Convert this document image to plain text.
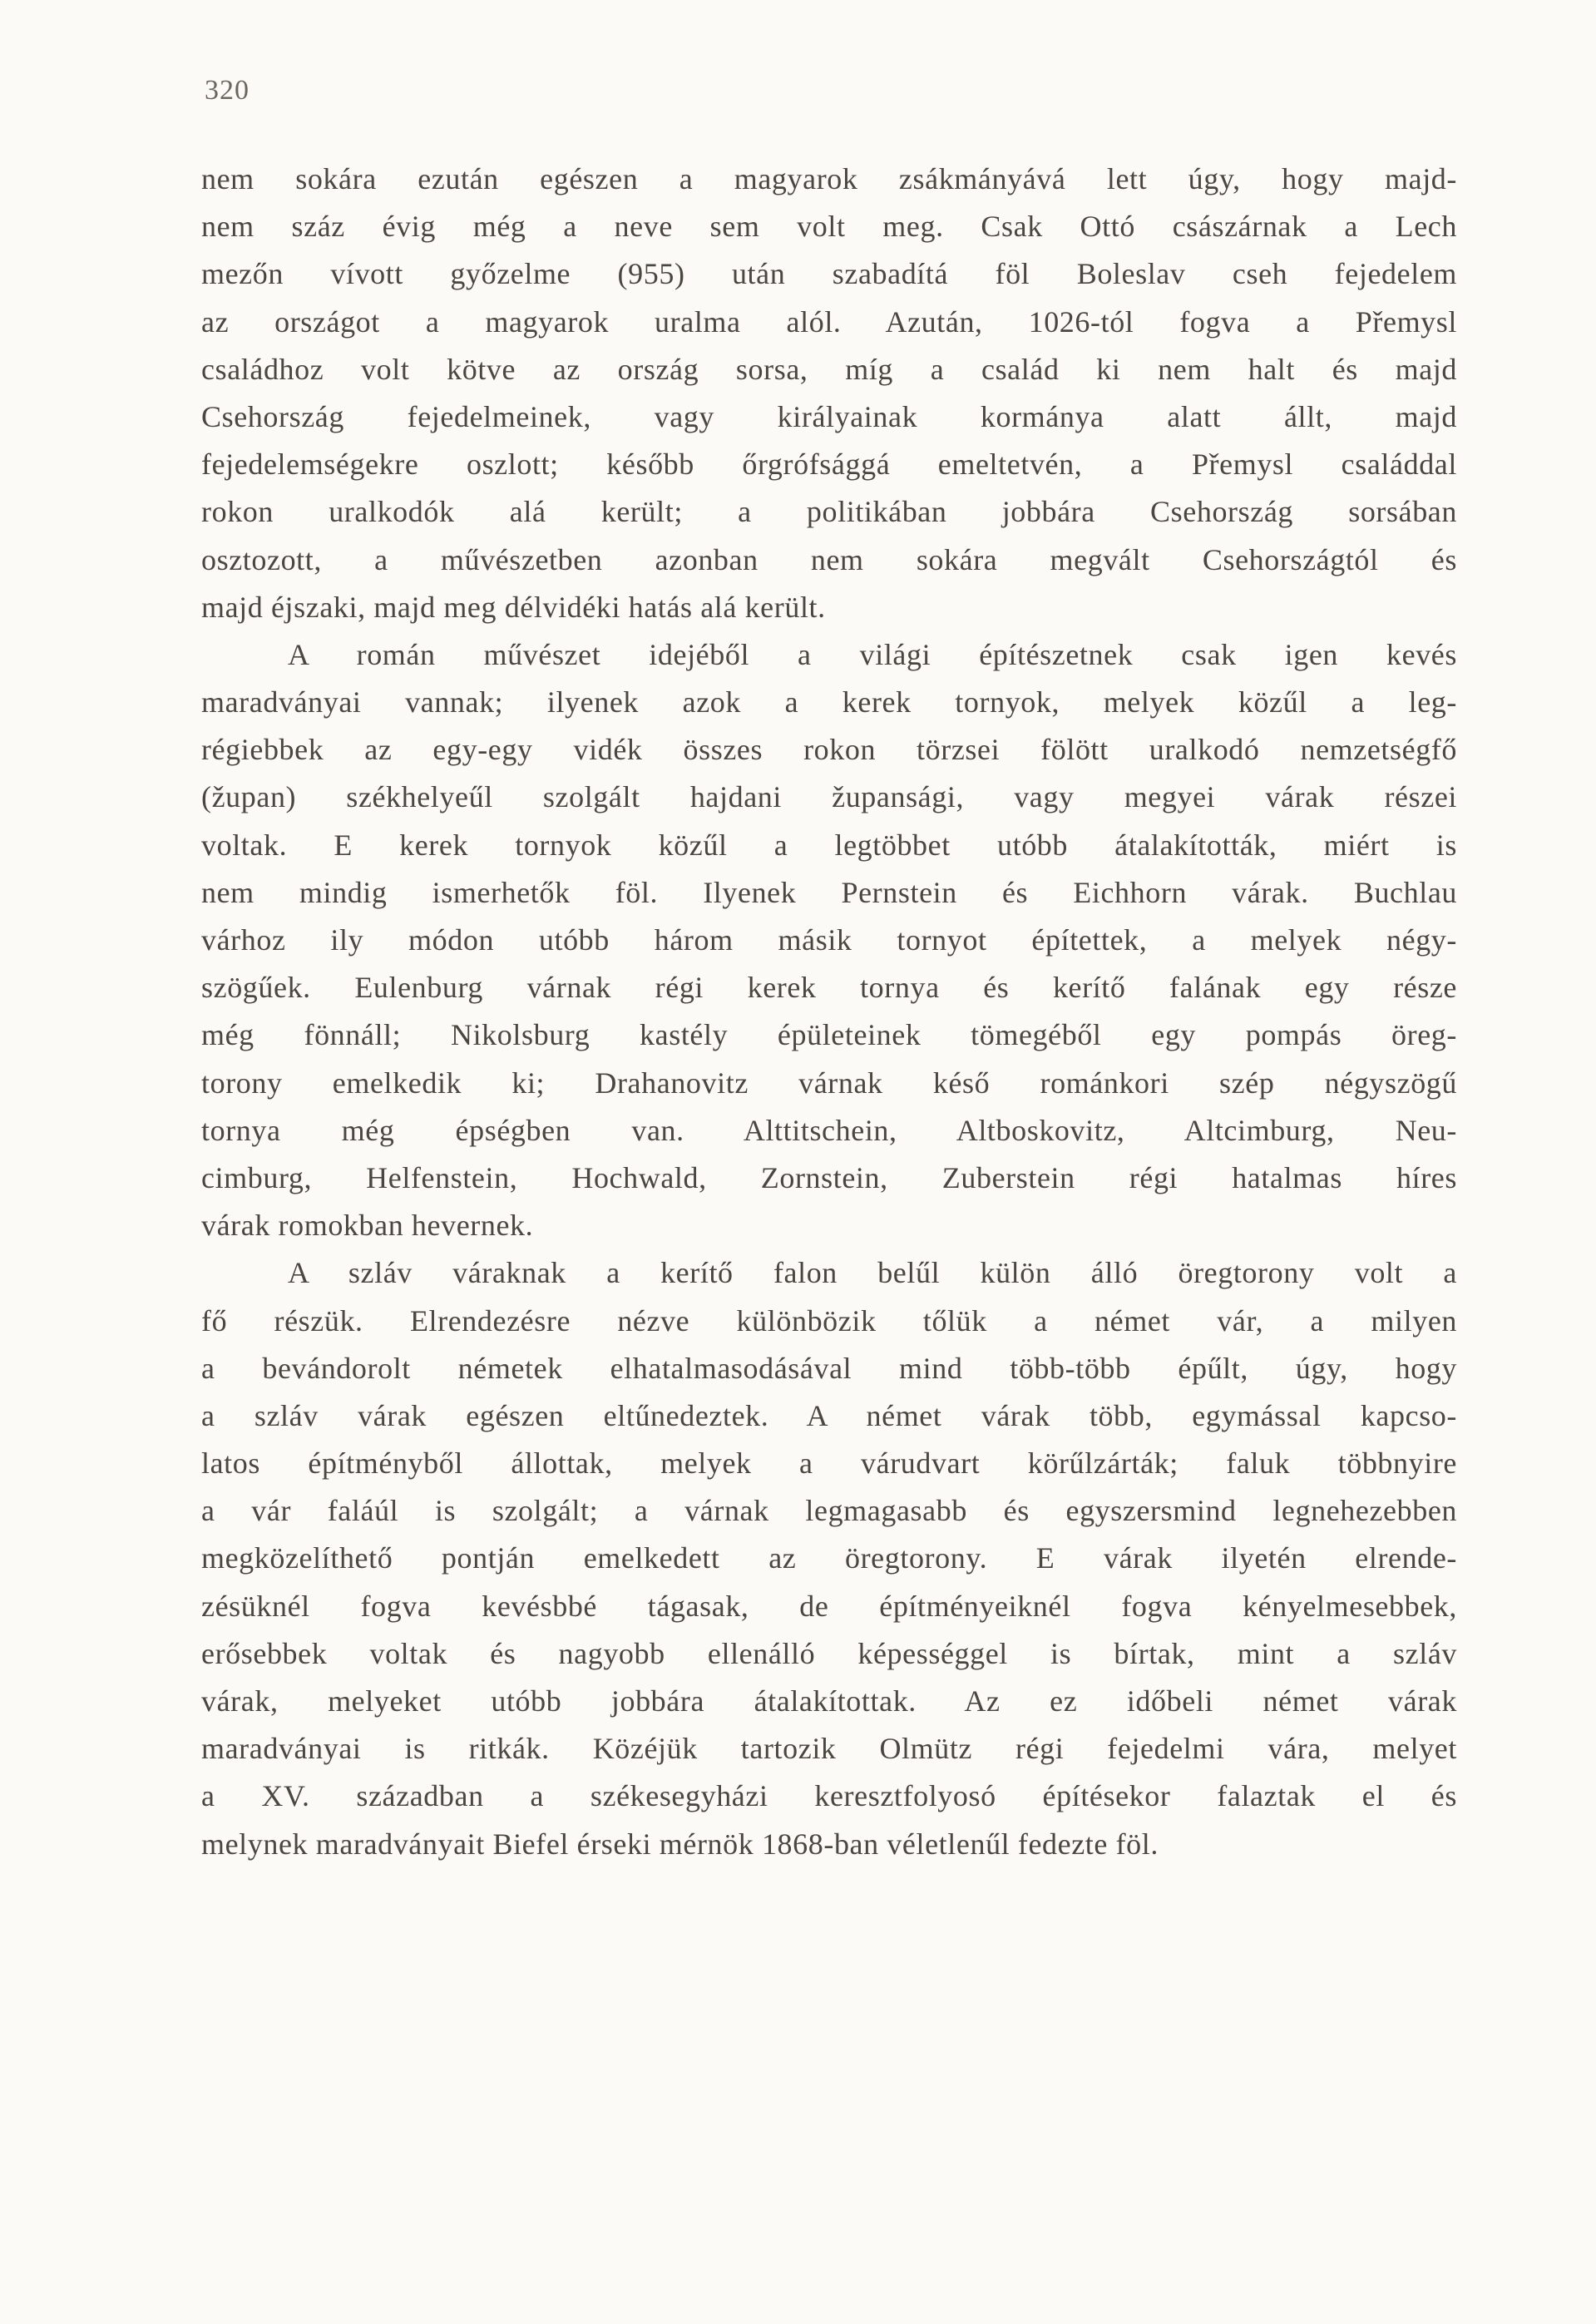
320
nem sokára ezután egészen a magyarok zsákmányává lett úgy, hogy majd-
nem száz évig még a neve sem volt meg. Csak Ottó császárnak a Lech
mezőn vívott győzelme (955) után szabadítá föl Boleslav cseh fejedelem
az országot a magyarok uralma alól. Azután, 1026-tól fogva a Přemysl
családhoz volt kötve az ország sorsa, míg a család ki nem halt és majd
Csehország fejedelmeinek, vagy királyainak kormánya alatt állt, majd
fejedelemségekre oszlott; később őrgrófsággá emeltetvén, a Přemysl családdal
rokon uralkodók alá került; a politikában jobbára Csehország sorsában
osztozott, a művészetben azonban nem sokára megvált Csehországtól és
majd éjszaki, majd meg délvidéki hatás alá került.
A román művészet idejéből a világi építészetnek csak igen kevés
maradványai vannak; ilyenek azok a kerek tornyok, melyek közűl a leg-
régiebbek az egy-egy vidék összes rokon törzsei fölött uralkodó nemzetségfő
(župan) székhelyeűl szolgált hajdani župansági, vagy megyei várak részei
voltak. E kerek tornyok közűl a legtöbbet utóbb átalakították, miért is
nem mindig ismerhetők föl. Ilyenek Pernstein és Eichhorn várak. Buchlau
várhoz ily módon utóbb három másik tornyot építettek, a melyek négy-
szögűek. Eulenburg várnak régi kerek tornya és kerítő falának egy része
még fönnáll; Nikolsburg kastély épületeinek tömegéből egy pompás öreg-
torony emelkedik ki; Drahanovitz várnak késő románkori szép négyszögű
tornya még épségben van. Alttitschein, Altboskovitz, Altcimburg, Neu-
cimburg, Helfenstein, Hochwald, Zornstein, Zuberstein régi hatalmas híres
várak romokban hevernek.
A szláv váraknak a kerítő falon belűl külön álló öregtorony volt a
fő részük. Elrendezésre nézve különbözik tőlük a német vár, a milyen
a bevándorolt németek elhatalmasodásával mind több-több épűlt, úgy, hogy
a szláv várak egészen eltűnedeztek. A német várak több, egymással kapcso-
latos építményből állottak, melyek a várudvart körűlzárták; faluk többnyire
a vár faláúl is szolgált; a várnak legmagasabb és egyszersmind legnehezebben
megközelíthető pontján emelkedett az öregtorony. E várak ilyetén elrende-
zésüknél fogva kevésbbé tágasak, de építményeiknél fogva kényelmesebbek,
erősebbek voltak és nagyobb ellenálló képességgel is bírtak, mint a szláv
várak, melyeket utóbb jobbára átalakítottak. Az ez időbeli német várak
maradványai is ritkák. Közéjük tartozik Olmütz régi fejedelmi vára, melyet
a XV. században a székesegyházi keresztfolyosó építésekor falaztak el és
melynek maradványait Biefel érseki mérnök 1868-ban véletlenűl fedezte föl.
